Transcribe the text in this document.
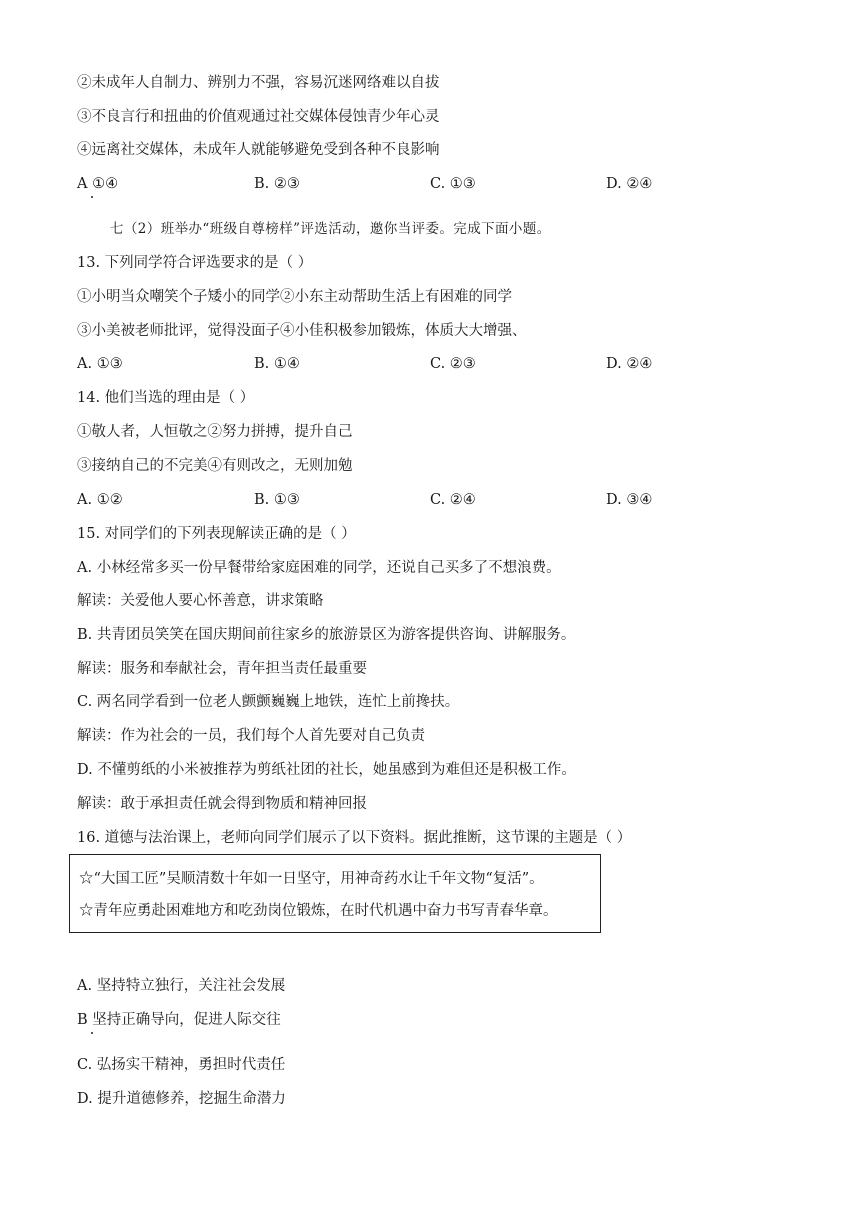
②未成年人自制力、辨别力不强，容易沉迷网络难以自拔
③不良言行和扭曲的价值观通过社交媒体侵蚀青少年心灵
④远离社交媒体，未成年人就能够避免受到各种不良影响
A ①④	B. ②③	C. ①③	D. ②④
七（2）班举办“班级自尊榜样”评选活动，邀你当评委。完成下面小题。
13. 下列同学符合评选要求的是（ ）
①小明当众嘲笑个子矮小的同学②小东主动帮助生活上有困难的同学
③小美被老师批评，觉得没面子④小佳积极参加锻炼，体质大大增强、
A. ①③	B. ①④	C. ②③	D. ②④
14. 他们当选的理由是（ ）
①敬人者，人恒敬之②努力拼搏，提升自己
③接纳自己的不完美④有则改之，无则加勉
A. ①②	B. ①③	C. ②④	D. ③④
15. 对同学们的下列表现解读正确的是（ ）
A. 小林经常多买一份早餐带给家庭困难的同学，还说自己买多了不想浪费。
解读：关爱他人要心怀善意，讲求策略
B. 共青团员笑笑在国庆期间前往家乡的旅游景区为游客提供咨询、讲解服务。
解读：服务和奉献社会，青年担当责任最重要
C. 两名同学看到一位老人颤颤巍巍上地铁，连忙上前搀扶。
解读：作为社会的一员，我们每个人首先要对自己负责
D. 不懂剪纸的小米被推荐为剪纸社团的社长，她虽感到为难但还是积极工作。
解读：敢于承担责任就会得到物质和精神回报
16. 道德与法治课上，老师向同学们展示了以下资料。据此推断，这节课的主题是（ ）
☆“大国工匠”吴顺清数十年如一日坚守，用神奇药水让千年文物“复活”。
☆青年应勇赴困难地方和吃劲岗位锻炼，在时代机遇中奋力书写青春华章。
A. 坚持特立独行，关注社会发展
B 坚持正确导向，促进人际交往
C. 弘扬实干精神，勇担时代责任
D. 提升道德修养，挖掘生命潜力
